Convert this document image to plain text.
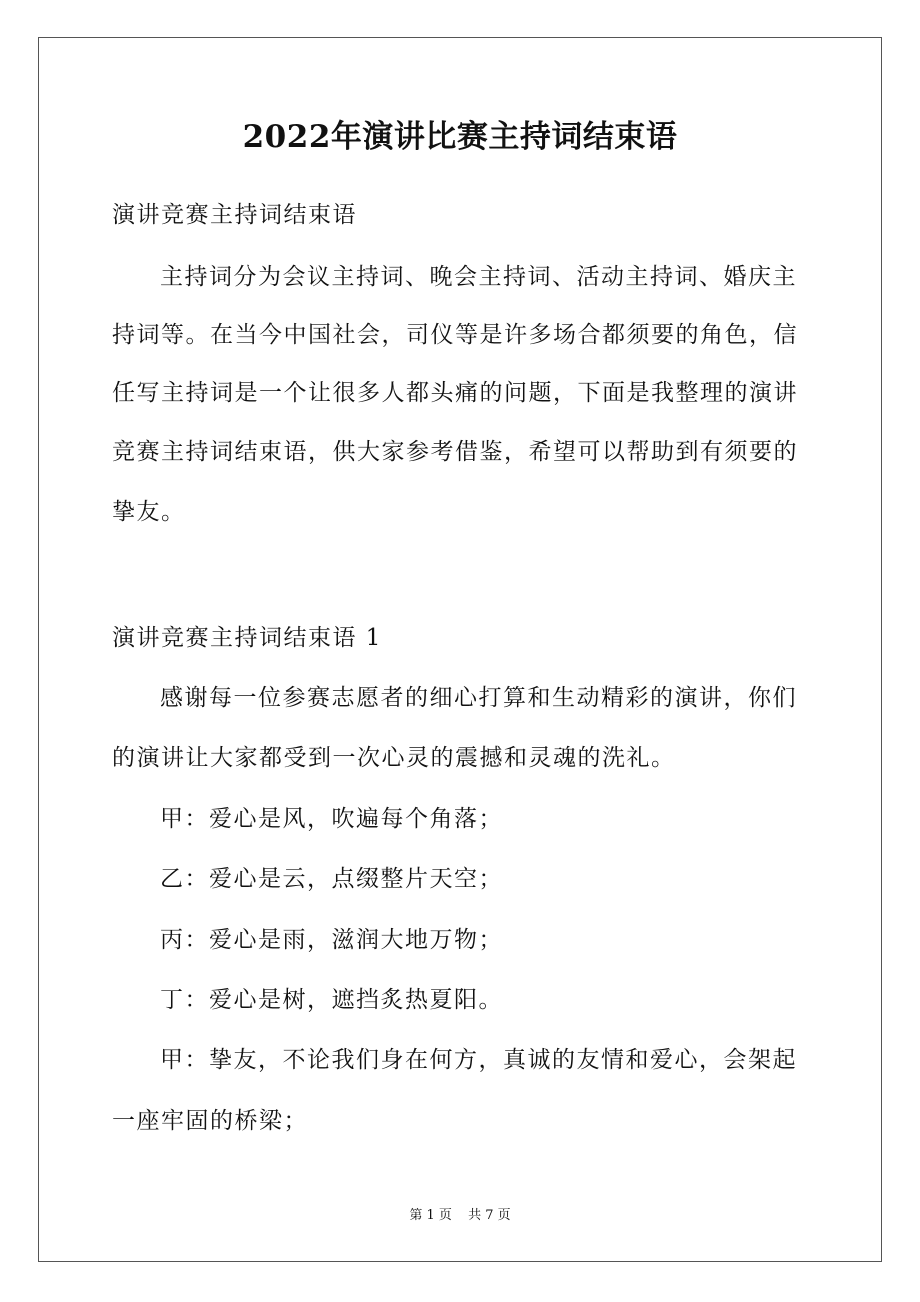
2022年演讲比赛主持词结束语
演讲竞赛主持词结束语
主持词分为会议主持词、晚会主持词、活动主持词、婚庆主
持词等。在当今中国社会，司仪等是许多场合都须要的角色，信
任写主持词是一个让很多人都头痛的问题，下面是我整理的演讲
竞赛主持词结束语，供大家参考借鉴，希望可以帮助到有须要的
挚友。
演讲竞赛主持词结束语 1
感谢每一位参赛志愿者的细心打算和生动精彩的演讲，你们
的演讲让大家都受到一次心灵的震撼和灵魂的洗礼。
甲：爱心是风，吹遍每个角落；
乙：爱心是云，点缀整片天空；
丙：爱心是雨，滋润大地万物；
丁：爱心是树，遮挡炙热夏阳。
甲：挚友，不论我们身在何方，真诚的友情和爱心，会架起
一座牢固的桥梁；
第 1 页 共 7 页
